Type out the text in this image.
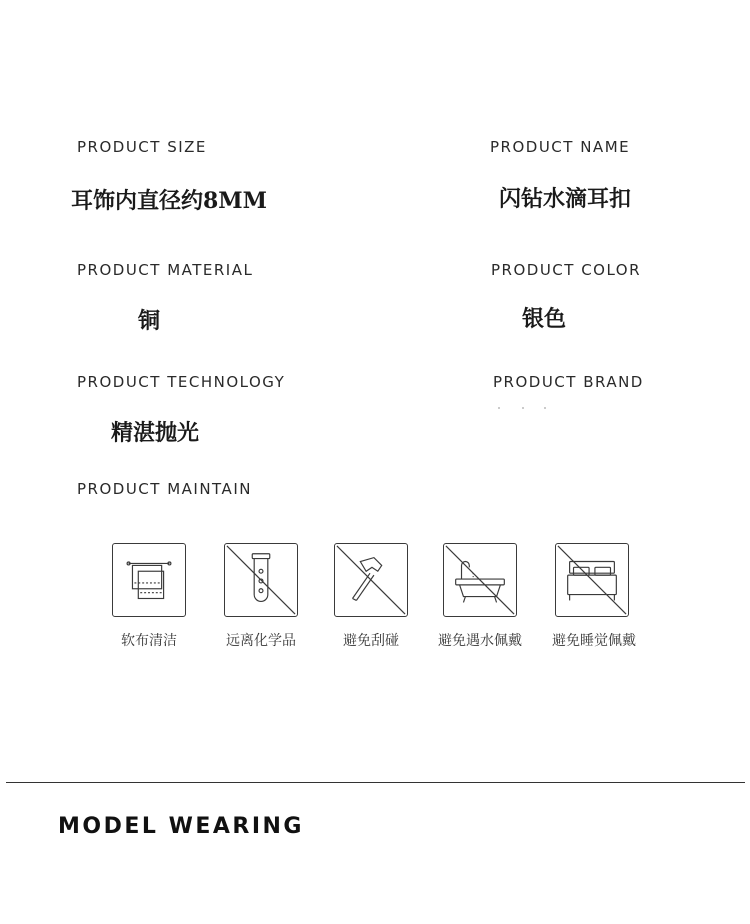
PRODUCT SIZE
耳饰内直径约8MM
PRODUCT NAME
闪钻水滴耳扣
PRODUCT MATERIAL
铜
PRODUCT COLOR
银色
PRODUCT TECHNOLOGY
精湛抛光
PRODUCT BRAND
PRODUCT MAINTAIN
软布清洁	远离化学品	避免刮碰	避免遇水佩戴	避免睡觉佩戴
MODEL WEARING
